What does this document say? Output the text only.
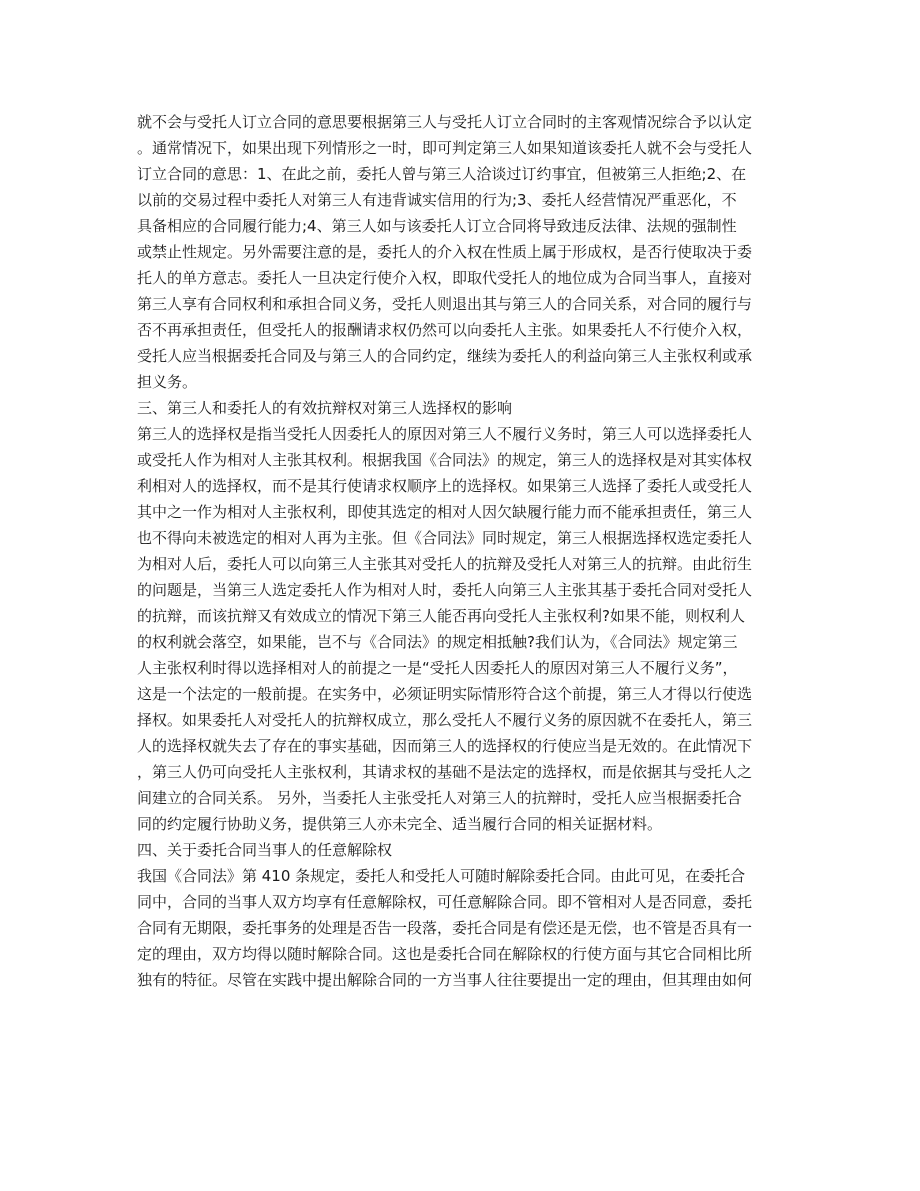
就不会与受托人订立合同的意思要根据第三人与受托人订立合同时的主客观情况综合予以认定
。通常情况下，如果出现下列情形之一时，即可判定第三人如果知道该委托人就不会与受托人
订立合同的意思：1、在此之前，委托人曾与第三人洽谈过订约事宜，但被第三人拒绝;2、在
以前的交易过程中委托人对第三人有违背诚实信用的行为;3、委托人经营情况严重恶化，不
具备相应的合同履行能力;4、第三人如与该委托人订立合同将导致违反法律、法规的强制性
或禁止性规定。另外需要注意的是，委托人的介入权在性质上属于形成权，是否行使取决于委
托人的单方意志。委托人一旦决定行使介入权，即取代受托人的地位成为合同当事人，直接对
第三人享有合同权利和承担合同义务，受托人则退出其与第三人的合同关系，对合同的履行与
否不再承担责任，但受托人的报酬请求权仍然可以向委托人主张。如果委托人不行使介入权，
受托人应当根据委托合同及与第三人的合同约定，继续为委托人的利益向第三人主张权利或承
担义务。
三、第三人和委托人的有效抗辩权对第三人选择权的影响
第三人的选择权是指当受托人因委托人的原因对第三人不履行义务时，第三人可以选择委托人
或受托人作为相对人主张其权利。根据我国《合同法》的规定，第三人的选择权是对其实体权
利相对人的选择权，而不是其行使请求权顺序上的选择权。如果第三人选择了委托人或受托人
其中之一作为相对人主张权利，即使其选定的相对人因欠缺履行能力而不能承担责任，第三人
也不得向未被选定的相对人再为主张。但《合同法》同时规定，第三人根据选择权选定委托人
为相对人后，委托人可以向第三人主张其对受托人的抗辩及受托人对第三人的抗辩。由此衍生
的问题是，当第三人选定委托人作为相对人时，委托人向第三人主张其基于委托合同对受托人
的抗辩，而该抗辩又有效成立的情况下第三人能否再向受托人主张权利?如果不能，则权利人
的权利就会落空，如果能，岂不与《合同法》的规定相抵触?我们认为，《合同法》规定第三
人主张权利时得以选择相对人的前提之一是“受托人因委托人的原因对第三人不履行义务”，
这是一个法定的一般前提。在实务中，必须证明实际情形符合这个前提，第三人才得以行使选
择权。如果委托人对受托人的抗辩权成立，那么受托人不履行义务的原因就不在委托人，第三
人的选择权就失去了存在的事实基础，因而第三人的选择权的行使应当是无效的。在此情况下
，第三人仍可向受托人主张权利，其请求权的基础不是法定的选择权，而是依据其与受托人之
间建立的合同关系。 另外，当委托人主张受托人对第三人的抗辩时，受托人应当根据委托合
同的约定履行协助义务，提供第三人亦未完全、适当履行合同的相关证据材料。
四、关于委托合同当事人的任意解除权
我国《合同法》第 410 条规定，委托人和受托人可随时解除委托合同。由此可见，在委托合
同中，合同的当事人双方均享有任意解除权，可任意解除合同。即不管相对人是否同意，委托
合同有无期限，委托事务的处理是否告一段落，委托合同是有偿还是无偿，也不管是否具有一
定的理由，双方均得以随时解除合同。这也是委托合同在解除权的行使方面与其它合同相比所
独有的特征。尽管在实践中提出解除合同的一方当事人往往要提出一定的理由，但其理由如何
